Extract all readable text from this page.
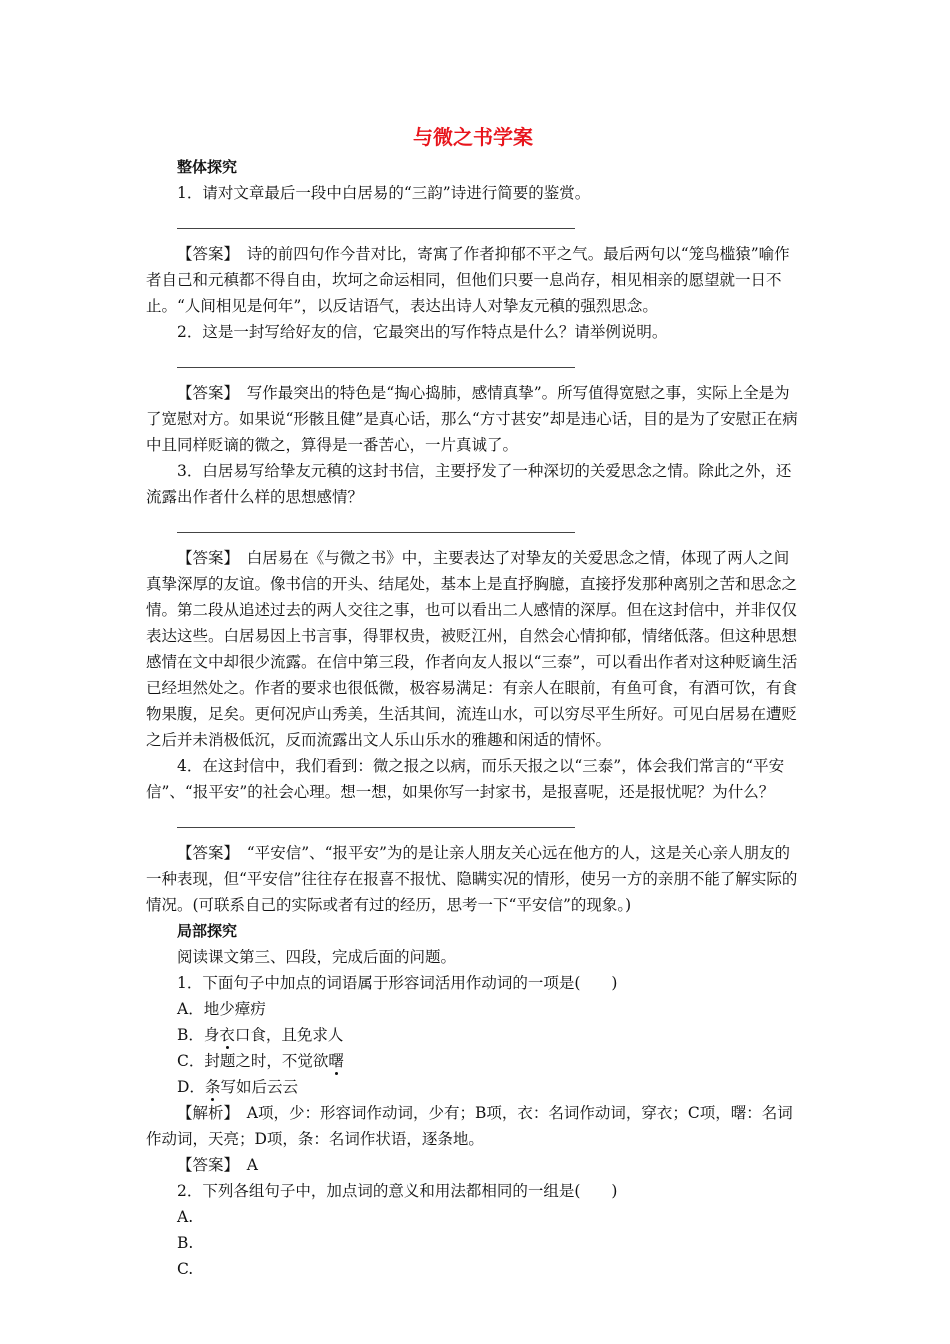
与微之书学案
整体探究

1．请对文章最后一段中白居易的“三韵”诗进行简要的鉴赏。

【答案】　 诗的前四句作今昔对比，寄寓了作者抑郁不平之气。最后两句以“笼鸟槛猿”喻作者自己和元稹都不得自由，坎坷之命运相同，但他们只要一息尚存，相见相亲的愿望就一日不止。“人间相见是何年”，以反诘语气，表达出诗人对挚友元稹的强烈思念。

2．这是一封写给好友的信，它最突出的写作特点是什么？请举例说明。

【答案】　 写作最突出的特色是“掏心捣肺，感情真挚”。所写值得宽慰之事，实际上全是为了宽慰对方。如果说“形骸且健”是真心话，那么“方寸甚安”却是违心话，目的是为了安慰正在病中且同样贬谪的微之，算得是一番苦心，一片真诚了。

3．白居易写给挚友元稹的这封书信，主要抒发了一种深切的关爱思念之情。除此之外，还流露出作者什么样的思想感情？

【答案】　 白居易在《与微之书》中，主要表达了对挚友的关爱思念之情，体现了两人之间真挚深厚的友谊。像书信的开头、结尾处，基本上是直抒胸臆，直接抒发那种离别之苦和思念之情。第二段从追述过去的两人交往之事，也可以看出二人感情的深厚。但在这封信中，并非仅仅表达这些。白居易因上书言事，得罪权贵，被贬江州，自然会心情抑郁，情绪低落。但这种思想感情在文中却很少流露。在信中第三段，作者向友人报以“三泰”，可以看出作者对这种贬谪生活已经坦然处之。作者的要求也很低微，极容易满足：有亲人在眼前，有鱼可食，有酒可饮，有食物果腹，足矣。更何况庐山秀美，生活其间，流连山水，可以穷尽平生所好。可见白居易在遭贬之后并未消极低沉，反而流露出文人乐山乐水的雅趣和闲适的情怀。

4．在这封信中，我们看到：微之报之以病，而乐天报之以“三泰”，体会我们常言的“平安信”、“报平安”的社会心理。想一想，如果你写一封家书，是报喜呢，还是报忧呢？为什么？

【答案】　 “平安信”、“报平安”为的是让亲人朋友关心远在他方的人，这是关心亲人朋友的一种表现，但“平安信”往往存在报喜不报忧、隐瞒实况的情形，使另一方的亲朋不能了解实际的情况。(可联系自己的实际或者有过的经历，思考一下“平安信”的现象。)

局部探究

阅读课文第三、四段，完成后面的问题。

1．下面句子中加点的词语属于形容词活用作动词的一项是(　　)

A．地少瘴疠

B．身衣口食，且免求人

C．封题之时，不觉欲曙

D．条写如后云云

【解析】　 A项，少：形容词作动词，少有；B项，衣：名词作动词，穿衣；C项，曙：名词作动词，天亮；D项，条：名词作状语，逐条地。

【答案】　 A

2．下列各组句子中，加点词的意义和用法都相同的一组是(　　)

A.

B.

C.
